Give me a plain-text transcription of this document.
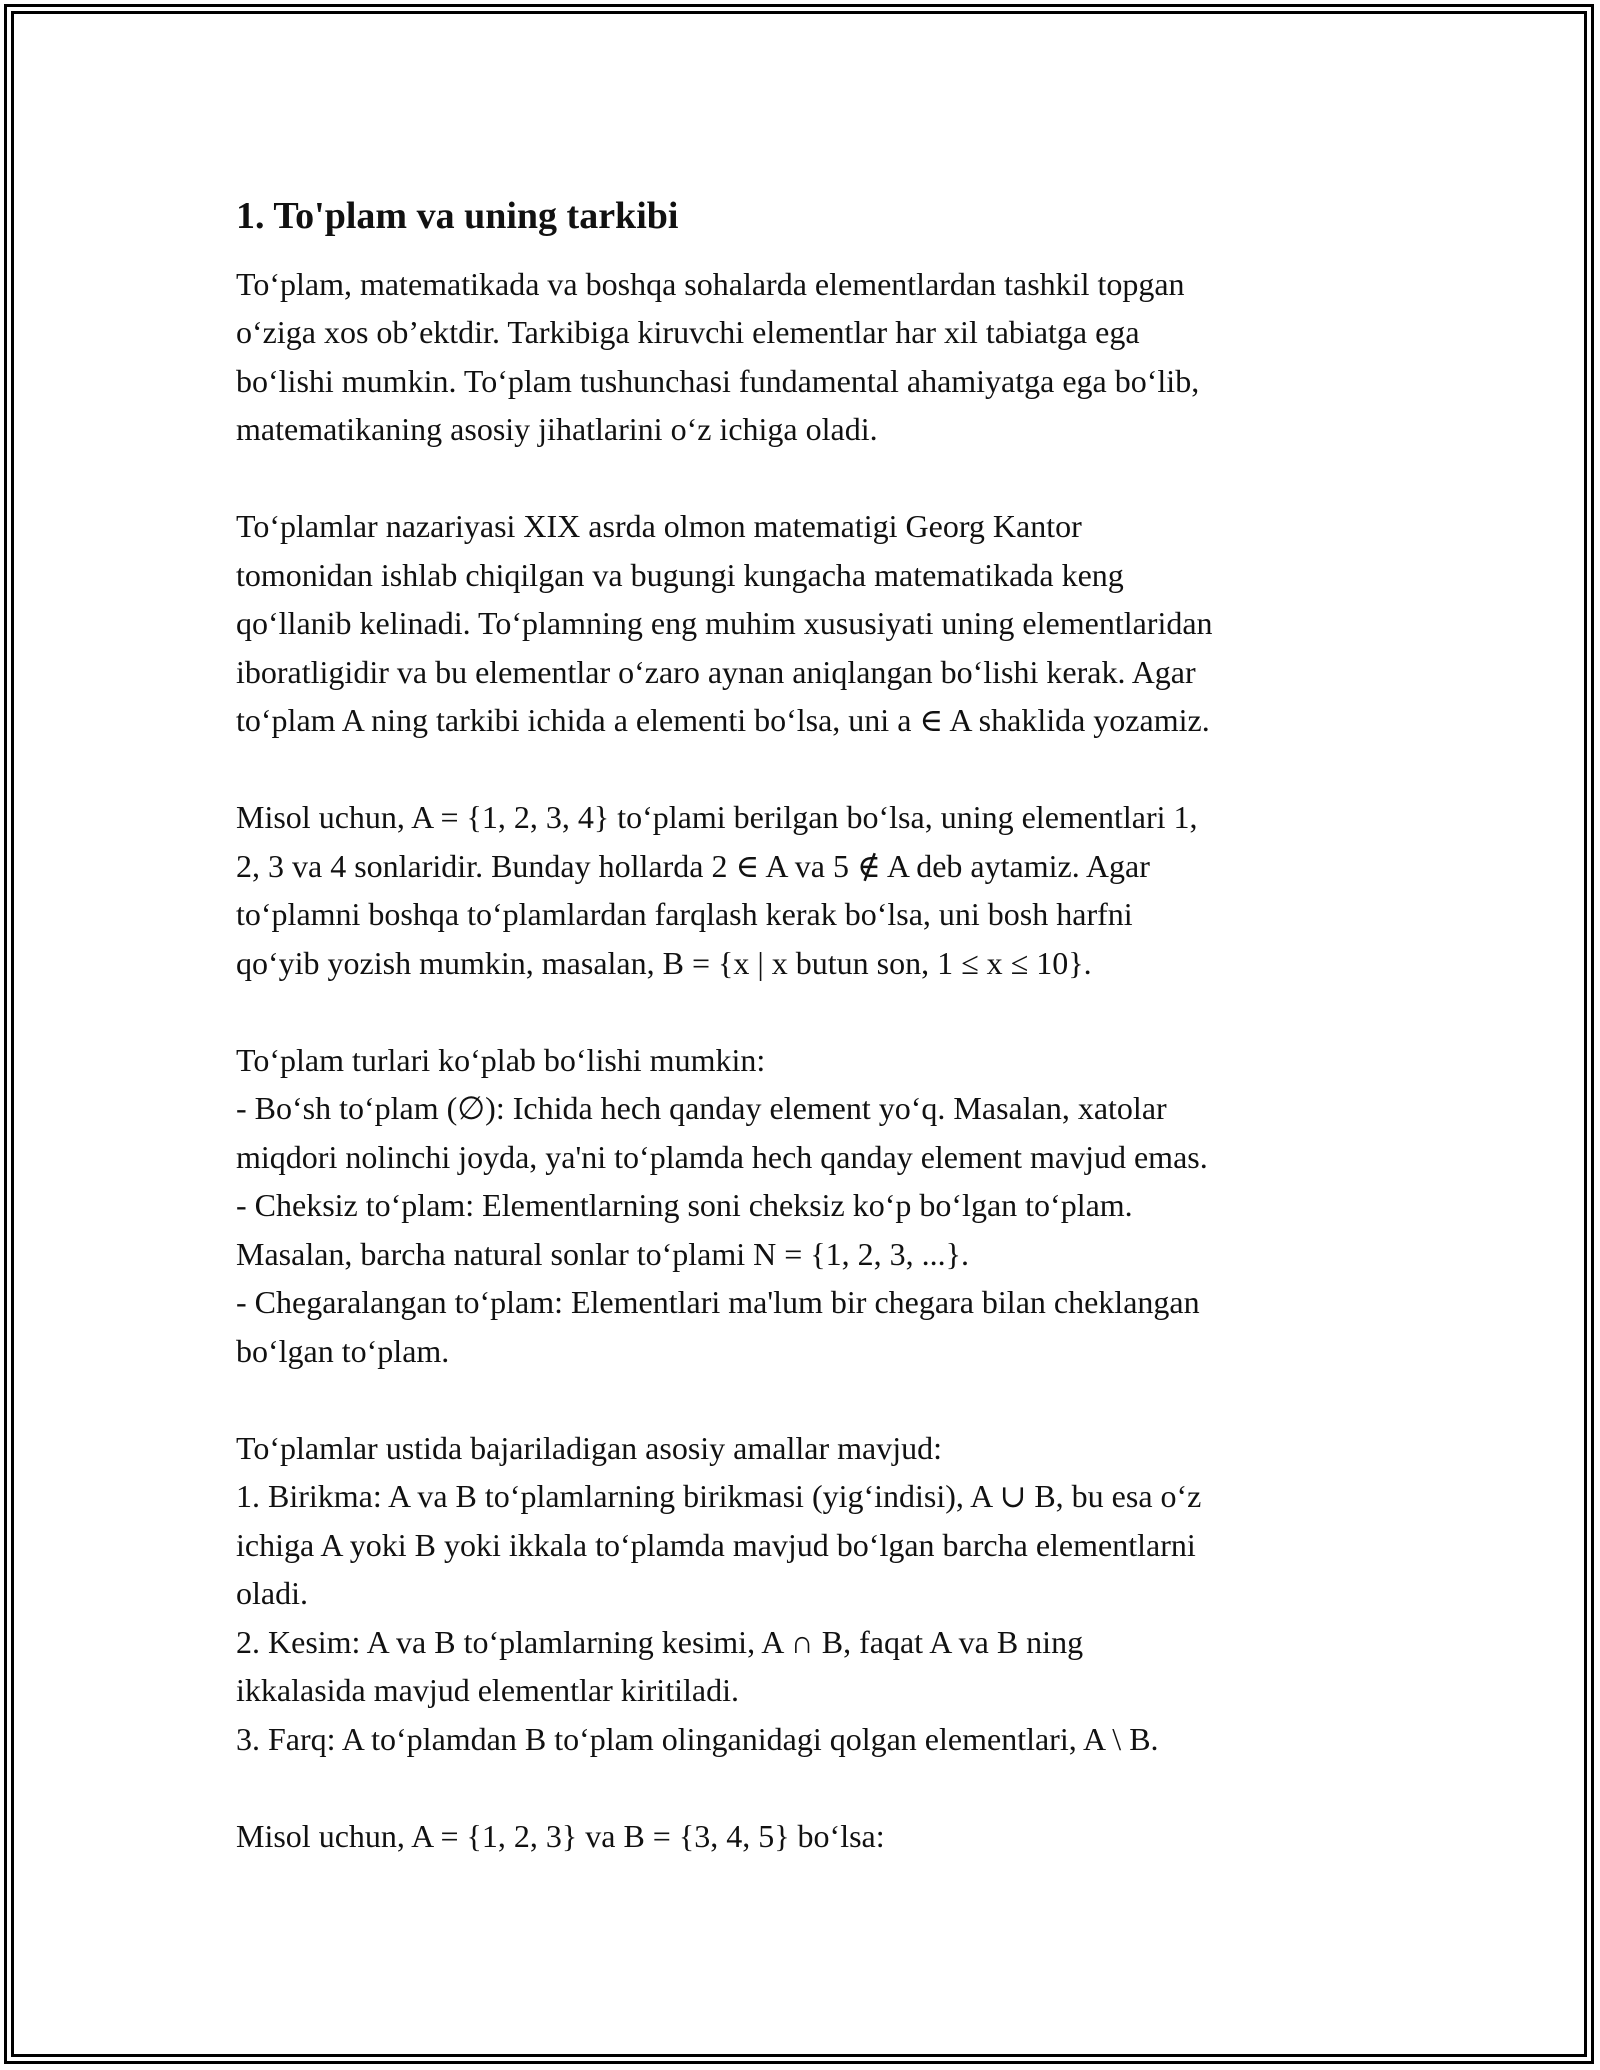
1. To'plam va uning tarkibi
To‘plam, matematikada va boshqa sohalarda elementlardan tashkil topgan
o‘ziga xos ob’ektdir. Tarkibiga kiruvchi elementlar har xil tabiatga ega
bo‘lishi mumkin. To‘plam tushunchasi fundamental ahamiyatga ega bo‘lib,
matematikaning asosiy jihatlarini o‘z ichiga oladi.
To‘plamlar nazariyasi XIX asrda olmon matematigi Georg Kantor
tomonidan ishlab chiqilgan va bugungi kungacha matematikada keng
qo‘llanib kelinadi. To‘plamning eng muhim xususiyati uning elementlaridan
iboratligidir va bu elementlar o‘zaro aynan aniqlangan bo‘lishi kerak. Agar
to‘plam A ning tarkibi ichida a elementi bo‘lsa, uni a ∈ A shaklida yozamiz.
Misol uchun, A = {1, 2, 3, 4} to‘plami berilgan bo‘lsa, uning elementlari 1,
2, 3 va 4 sonlaridir. Bunday hollarda 2 ∈ A va 5 ∉ A deb aytamiz. Agar
to‘plamni boshqa to‘plamlardan farqlash kerak bo‘lsa, uni bosh harfni
qo‘yib yozish mumkin, masalan, B = {x | x butun son, 1 ≤ x ≤ 10}.
To‘plam turlari ko‘plab bo‘lishi mumkin:
- Bo‘sh to‘plam (∅): Ichida hech qanday element yo‘q. Masalan, xatolar
miqdori nolinchi joyda, ya'ni to‘plamda hech qanday element mavjud emas.
- Cheksiz to‘plam: Elementlarning soni cheksiz ko‘p bo‘lgan to‘plam.
Masalan, barcha natural sonlar to‘plami N = {1, 2, 3, ...}.
- Chegaralangan to‘plam: Elementlari ma'lum bir chegara bilan cheklangan
bo‘lgan to‘plam.
To‘plamlar ustida bajariladigan asosiy amallar mavjud:
1. Birikma: A va B to‘plamlarning birikmasi (yig‘indisi), A ∪ B, bu esa o‘z
ichiga A yoki B yoki ikkala to‘plamda mavjud bo‘lgan barcha elementlarni
oladi.
2. Kesim: A va B to‘plamlarning kesimi, A ∩ B, faqat A va B ning
ikkalasida mavjud elementlar kiritiladi.
3. Farq: A to‘plamdan B to‘plam olinganidagi qolgan elementlari, A \ B.
Misol uchun, A = {1, 2, 3} va B = {3, 4, 5} bo‘lsa:
